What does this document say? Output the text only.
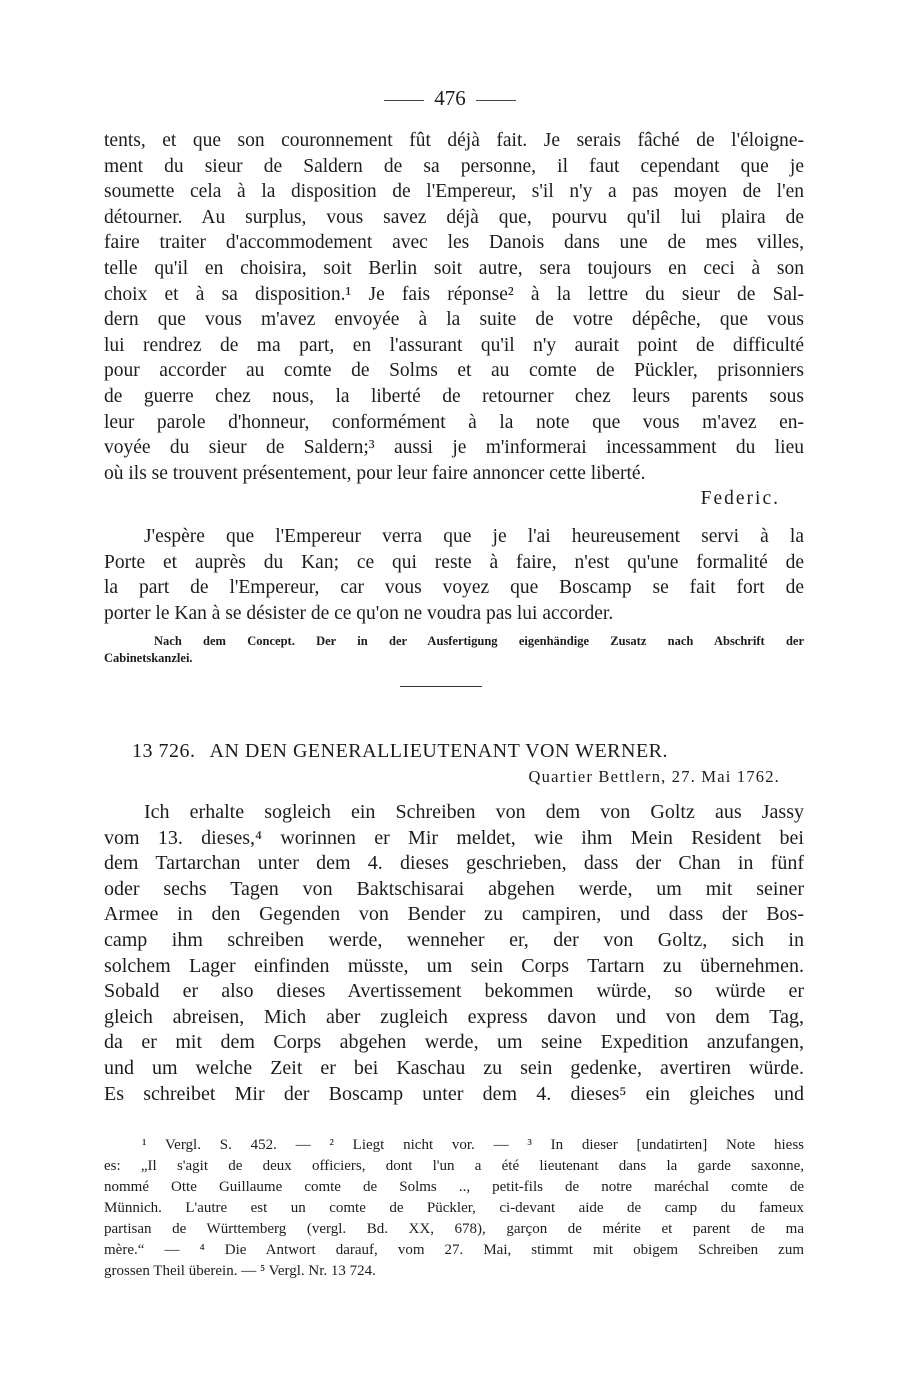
476
tents, et que son couronnement fût déjà fait. Je serais fâché de l'éloigne-
ment du sieur de Saldern de sa personne, il faut cependant que je
soumette cela à la disposition de l'Empereur, s'il n'y a pas moyen de l'en
détourner. Au surplus, vous savez déjà que, pourvu qu'il lui plaira de
faire traiter d'accommodement avec les Danois dans une de mes villes,
telle qu'il en choisira, soit Berlin soit autre, sera toujours en ceci à son
choix et à sa disposition.¹ Je fais réponse² à la lettre du sieur de Sal-
dern que vous m'avez envoyée à la suite de votre dépêche, que vous
lui rendrez de ma part, en l'assurant qu'il n'y aurait point de difficulté
pour accorder au comte de Solms et au comte de Pückler, prisonniers
de guerre chez nous, la liberté de retourner chez leurs parents sous
leur parole d'honneur, conformément à la note que vous m'avez en-
voyée du sieur de Saldern;³ aussi je m'informerai incessamment du lieu
où ils se trouvent présentement, pour leur faire annoncer cette liberté.
Federic.
J'espère que l'Empereur verra que je l'ai heureusement servi à la
Porte et auprès du Kan; ce qui reste à faire, n'est qu'une formalité de
la part de l'Empereur, car vous voyez que Boscamp se fait fort de
porter le Kan à se désister de ce qu'on ne voudra pas lui accorder.
Nach dem Concept. Der in der Ausfertigung eigenhändige Zusatz nach Abschrift der
Cabinetskanzlei.
13 726. AN DEN GENERALLIEUTENANT VON WERNER.
Quartier Bettlern, 27. Mai 1762.
Ich erhalte sogleich ein Schreiben von dem von Goltz aus Jassy
vom 13. dieses,⁴ worinnen er Mir meldet, wie ihm Mein Resident bei
dem Tartarchan unter dem 4. dieses geschrieben, dass der Chan in fünf
oder sechs Tagen von Baktschisarai abgehen werde, um mit seiner
Armee in den Gegenden von Bender zu campiren, und dass der Bos-
camp ihm schreiben werde, wenneher er, der von Goltz, sich in
solchem Lager einfinden müsste, um sein Corps Tartarn zu übernehmen.
Sobald er also dieses Avertissement bekommen würde, so würde er
gleich abreisen, Mich aber zugleich express davon und von dem Tag,
da er mit dem Corps abgehen werde, um seine Expedition anzufangen,
und um welche Zeit er bei Kaschau zu sein gedenke, avertiren würde.
Es schreibet Mir der Boscamp unter dem 4. dieses⁵ ein gleiches und
¹ Vergl. S. 452. — ² Liegt nicht vor. — ³ In dieser [undatirten] Note hiess
es: „Il s'agit de deux officiers, dont l'un a été lieutenant dans la garde saxonne,
nommé Otte Guillaume comte de Solms .., petit-fils de notre maréchal comte de
Münnich. L'autre est un comte de Pückler, ci-devant aide de camp du fameux
partisan de Württemberg (vergl. Bd. XX, 678), garçon de mérite et parent de ma
mère.“ — ⁴ Die Antwort darauf, vom 27. Mai, stimmt mit obigem Schreiben zum
grossen Theil überein. — ⁵ Vergl. Nr. 13 724.
